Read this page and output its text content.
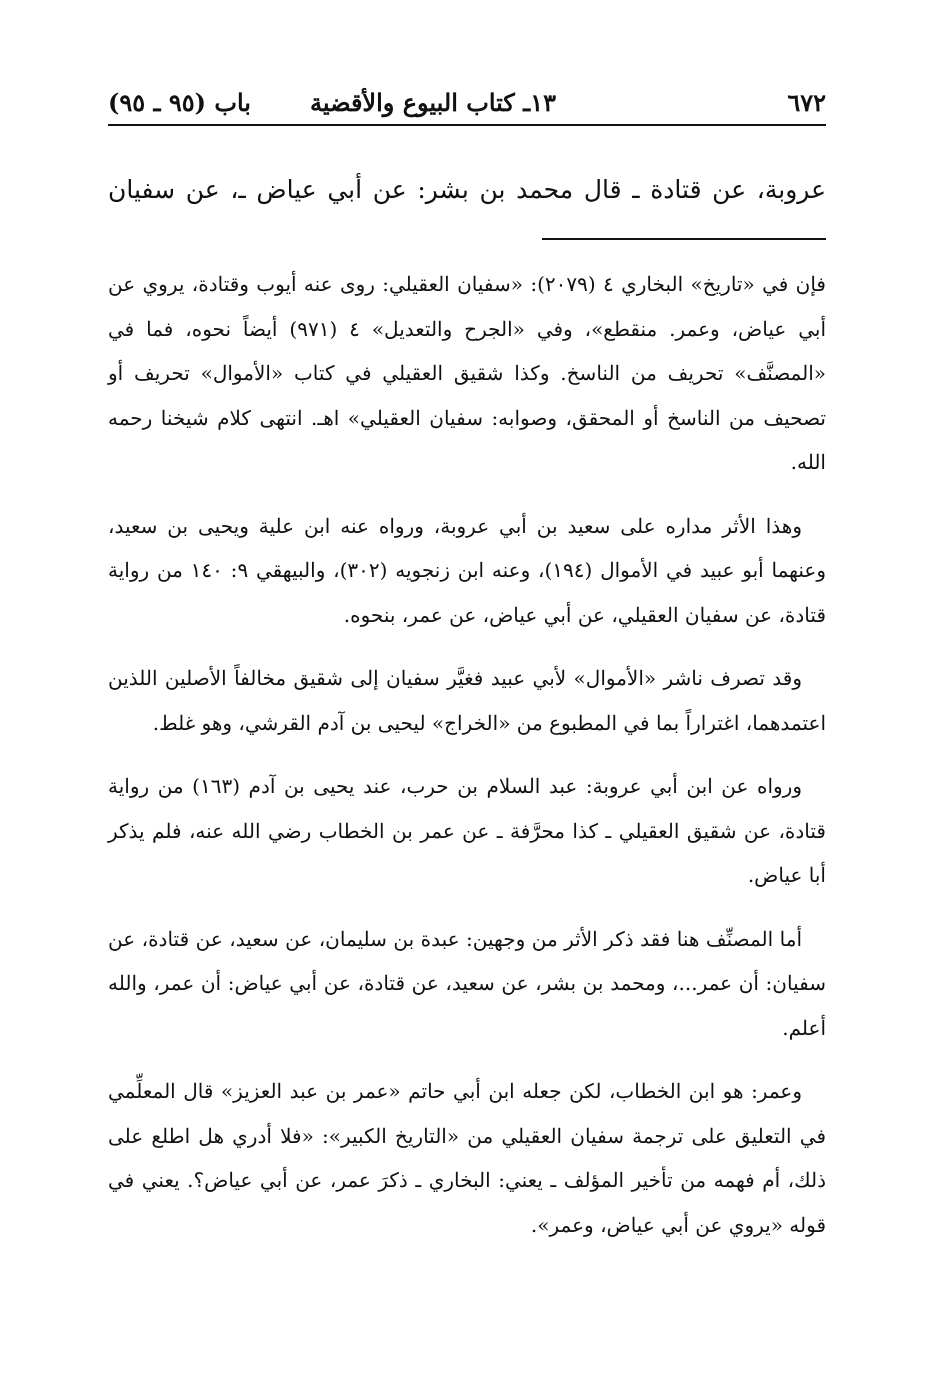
٦٧٢
١٣ـ كتاب البيوع والأقضية
باب (٩٥ ـ ٩٥)
عروبة، عن قتادة ـ قال محمد بن بشر: عن أبي عياض ـ، عن سفيان

فإن في «تاريخ» البخاري ٤ (٢٠٧٩): «سفيان العقيلي: روى عنه أيوب وقتادة، يروي عن أبي عياض، وعمر. منقطع»، وفي «الجرح والتعديل» ٤ (٩٧١) أيضاً نحوه، فما في «المصنَّف» تحريف من الناسخ. وكذا شقيق العقيلي في كتاب «الأموال» تحريف أو تصحيف من الناسخ أو المحقق، وصوابه: سفيان العقيلي» اهـ. انتهى كلام شيخنا رحمه الله.

وهذا الأثر مداره على سعيد بن أبي عروبة، ورواه عنه ابن علية ويحيى بن سعيد، وعنهما أبو عبيد في الأموال (١٩٤)، وعنه ابن زنجويه (٣٠٢)، والبيهقي ٩: ١٤٠ من رواية قتادة، عن سفيان العقيلي، عن أبي عياض، عن عمر، بنحوه.

وقد تصرف ناشر «الأموال» لأبي عبيد فغيَّر سفيان إلى شقيق مخالفاً الأصلين اللذين اعتمدهما، اغتراراً بما في المطبوع من «الخراج» ليحيى بن آدم القرشي، وهو غلط.

ورواه عن ابن أبي عروبة: عبد السلام بن حرب، عند يحيى بن آدم (١٦٣) من رواية قتادة، عن شقيق العقيلي ـ كذا محرَّفة ـ عن عمر بن الخطاب رضي الله عنه، فلم يذكر أبا عياض.

أما المصنِّف هنا فقد ذكر الأثر من وجهين: عبدة بن سليمان، عن سعيد، عن قتادة، عن سفيان: أن عمر...، ومحمد بن بشر، عن سعيد، عن قتادة، عن أبي عياض: أن عمر، والله أعلم.

وعمر: هو ابن الخطاب، لكن جعله ابن أبي حاتم «عمر بن عبد العزيز» قال المعلِّمي في التعليق على ترجمة سفيان العقيلي من «التاريخ الكبير»: «فلا أدري هل اطلع على ذلك، أم فهمه من تأخير المؤلف ـ يعني: البخاري ـ ذكرَ عمر، عن أبي عياض؟. يعني في قوله «يروي عن أبي عياض، وعمر».
